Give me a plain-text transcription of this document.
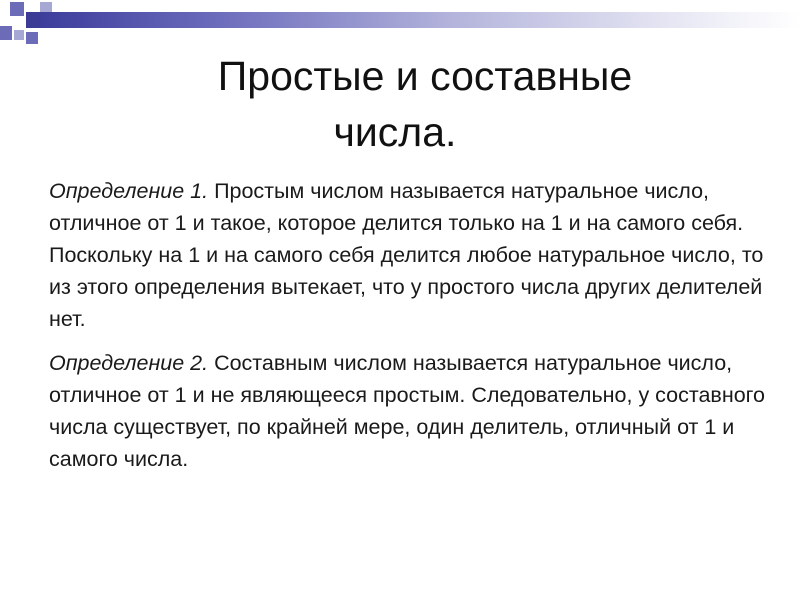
Простые и составные
числа.

Определение 1. Простым числом называется натуральное число, отличное от 1 и такое, которое делится только на 1 и на самого себя. Поскольку на 1 и на самого себя делится любое натуральное число, то из этого определения вытекает, что у простого числа других делителей нет.

Определение 2. Составным числом называется натуральное число, отличное от 1 и не являющееся простым. Следовательно, у составного числа существует, по крайней мере, один делитель, отличный от 1 и самого числа.
